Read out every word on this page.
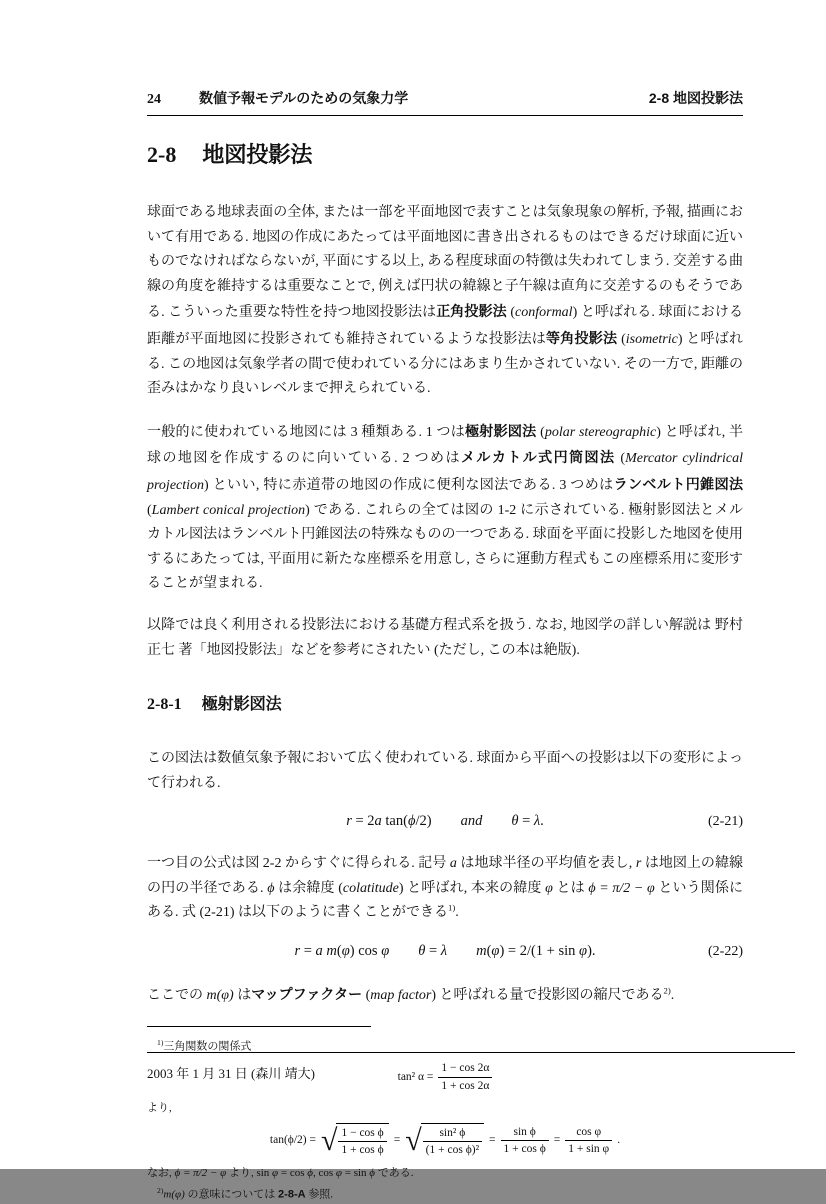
24	数値予報モデルのための気象力学	2-8 地図投影法
2-8 地図投影法

球面である地球表面の全体, または一部を平面地図で表すことは気象現象の解析, 予報, 描画において有用である. 地図の作成にあたっては平面地図に書き出されるものはできるだけ球面に近いものでなければならないが, 平面にする以上, ある程度球面の特徴は失われてしまう. 交差する曲線の角度を維持するは重要なことで, 例えば円状の緯線と子午線は直角に交差するのもそうである. こういった重要な特性を持つ地図投影法は正角投影法 (conformal) と呼ばれる. 球面における距離が平面地図に投影されても維持されているような投影法は等角投影法 (isometric) と呼ばれる. この地図は気象学者の間で使われている分にはあまり生かされていない. その一方で, 距離の歪みはかなり良いレベルまで押えられている.

一般的に使われている地図には 3 種類ある. 1 つは極射影図法 (polar stereographic) と呼ばれ, 半球の地図を作成するのに向いている. 2 つめはメルカトル式円筒図法 (Mercator cylindrical projection) といい, 特に赤道帯の地図の作成に便利な図法である. 3 つめはランベルト円錐図法 (Lambert conical projection) である. これらの全ては図の 1-2 に示されている. 極射影図法とメルカトル図法はランベルト円錐図法の特殊なものの一つである. 球面を平面に投影した地図を使用するにあたっては, 平面用に新たな座標系を用意し, さらに運動方程式もこの座標系用に変形することが望まれる.

以降では良く利用される投影法における基礎方程式系を扱う. なお, 地図学の詳しい解説は 野村 正七 著「地図投影法」などを参考にされたい (ただし, この本は絶版).

2-8-1 極射影図法

この図法は数値気象予報において広く使われている. 球面から平面への投影は以下の変形によって行われる.

r = 2a tan(ϕ/2) and θ = λ.	(2-21)

一つ目の公式は図 2-2 からすぐに得られる. 記号 a は地球半径の平均値を表し, r は地図上の緯線の円の半径である. ϕ は余緯度 (colatitude) と呼ばれ, 本来の緯度 φ とは ϕ = π/2 − φ という関係にある. 式 (2-21) は以下のように書くことができる$^{1)}$.

r = a m(φ) cos φ θ = λ m(φ) = 2/(1 + sin φ).	(2-22)

ここでの m(φ) はマップファクター (map factor) と呼ばれる量で投影図の縮尺である$^{2)}$.

$^{1)}$三角関数の関係式
tan² $\alpha = \frac{1 - \cos 2\alpha}{1 + \cos 2\alpha}$
より,
tan(ϕ/2) = √ $\frac{\text{1 − cos ϕ}}{\text{1 + cos ϕ}}$ = √ $\frac{\text{sin² ϕ}}{\text{(1 + cos ϕ)²}} = \frac{\text{sin ϕ}}{\text{1 + cos ϕ}} = \frac{\text{cos φ}}{\text{1 + sin φ}}$ .
なお, ϕ = π/2 − φ より, sin φ = cos ϕ, cos φ = sin ϕ である.
$^{2)}$m(φ) の意味については 2-8-A 参照.
2003 年 1 月 31 日 (森川 靖大)
